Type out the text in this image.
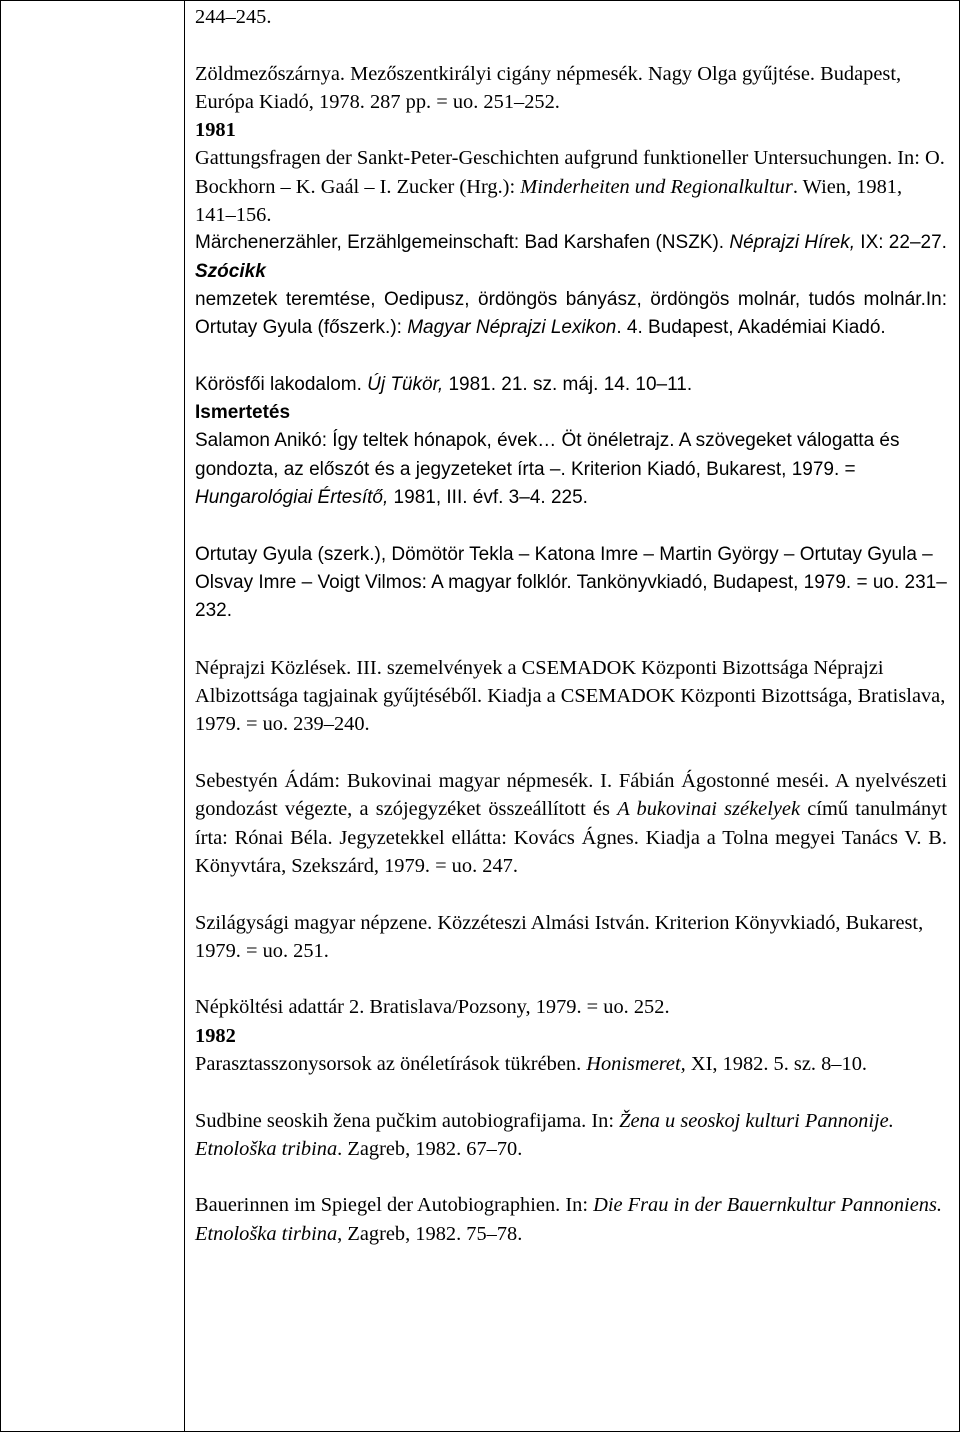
244–245.

Zöldmezőszárnya. Mezőszentkirályi cigány népmesék. Nagy Olga gyűjtése. Budapest, Európa Kiadó, 1978. 287 pp. = uo. 251–252.

1981

Gattungsfragen der Sankt-Peter-Geschichten aufgrund funktioneller Untersuchungen. In: O. Bockhorn – K. Gaál – I. Zucker (Hrg.): Minderheiten und Regionalkultur. Wien, 1981, 141–156.

Märchenerzähler, Erzählgemeinschaft: Bad Karshafen (NSZK). Néprajzi Hírek, IX: 22–27.

Szócikk

nemzetek teremtése, Oedipusz, ördöngös bányász, ördöngös molnár, tudós molnár.In: Ortutay Gyula (főszerk.): Magyar Néprajzi Lexikon. 4. Budapest, Akadémiai Kiadó.

Körösfői lakodalom. Új Tükör, 1981. 21. sz. máj. 14. 10–11.

Ismertetés

Salamon Anikó: Így teltek hónapok, évek… Öt önéletrajz. A szövegeket válogatta és gondozta, az előszót és a jegyzeteket írta –. Kriterion Kiadó, Bukarest, 1979. = Hungarológiai Értesítő, 1981, III. évf. 3–4. 225.

Ortutay Gyula (szerk.), Dömötör Tekla – Katona Imre – Martin György – Ortutay Gyula – Olsvay Imre – Voigt Vilmos: A magyar folklór. Tankönyvkiadó, Budapest, 1979. = uo. 231–232.

Néprajzi Közlések. III. szemelvények a CSEMADOK Központi Bizottsága Néprajzi Albizottsága tagjainak gyűjtéséből. Kiadja a CSEMADOK Központi Bizottsága, Bratislava, 1979. = uo. 239–240.

Sebestyén Ádám: Bukovinai magyar népmesék. I. Fábián Ágostonné meséi. A nyelvészeti gondozást végezte, a szójegyzéket összeállított és A bukovinai székelyek című tanulmányt írta: Rónai Béla. Jegyzetekkel ellátta: Kovács Ágnes. Kiadja a Tolna megyei Tanács V. B. Könyvtára, Szekszárd, 1979. = uo. 247.

Szilágysági magyar népzene. Közzéteszi Almási István. Kriterion Könyvkiadó, Bukarest,
1979. = uo. 251.

Népköltési adattár 2. Bratislava/Pozsony, 1979. = uo. 252.

1982

Parasztasszonysorsok az önéletírások tükrében. Honismeret, XI, 1982. 5. sz. 8–10.

Sudbine seoskih žena pučkim autobiografijama. In: Žena u seoskoj kulturi Pannonije. Etnološka tribina. Zagreb, 1982. 67–70.

Bauerinnen im Spiegel der Autobiographien. In: Die Frau in der Bauernkultur Pannoniens. Etnološka tirbina, Zagreb, 1982. 75–78.
